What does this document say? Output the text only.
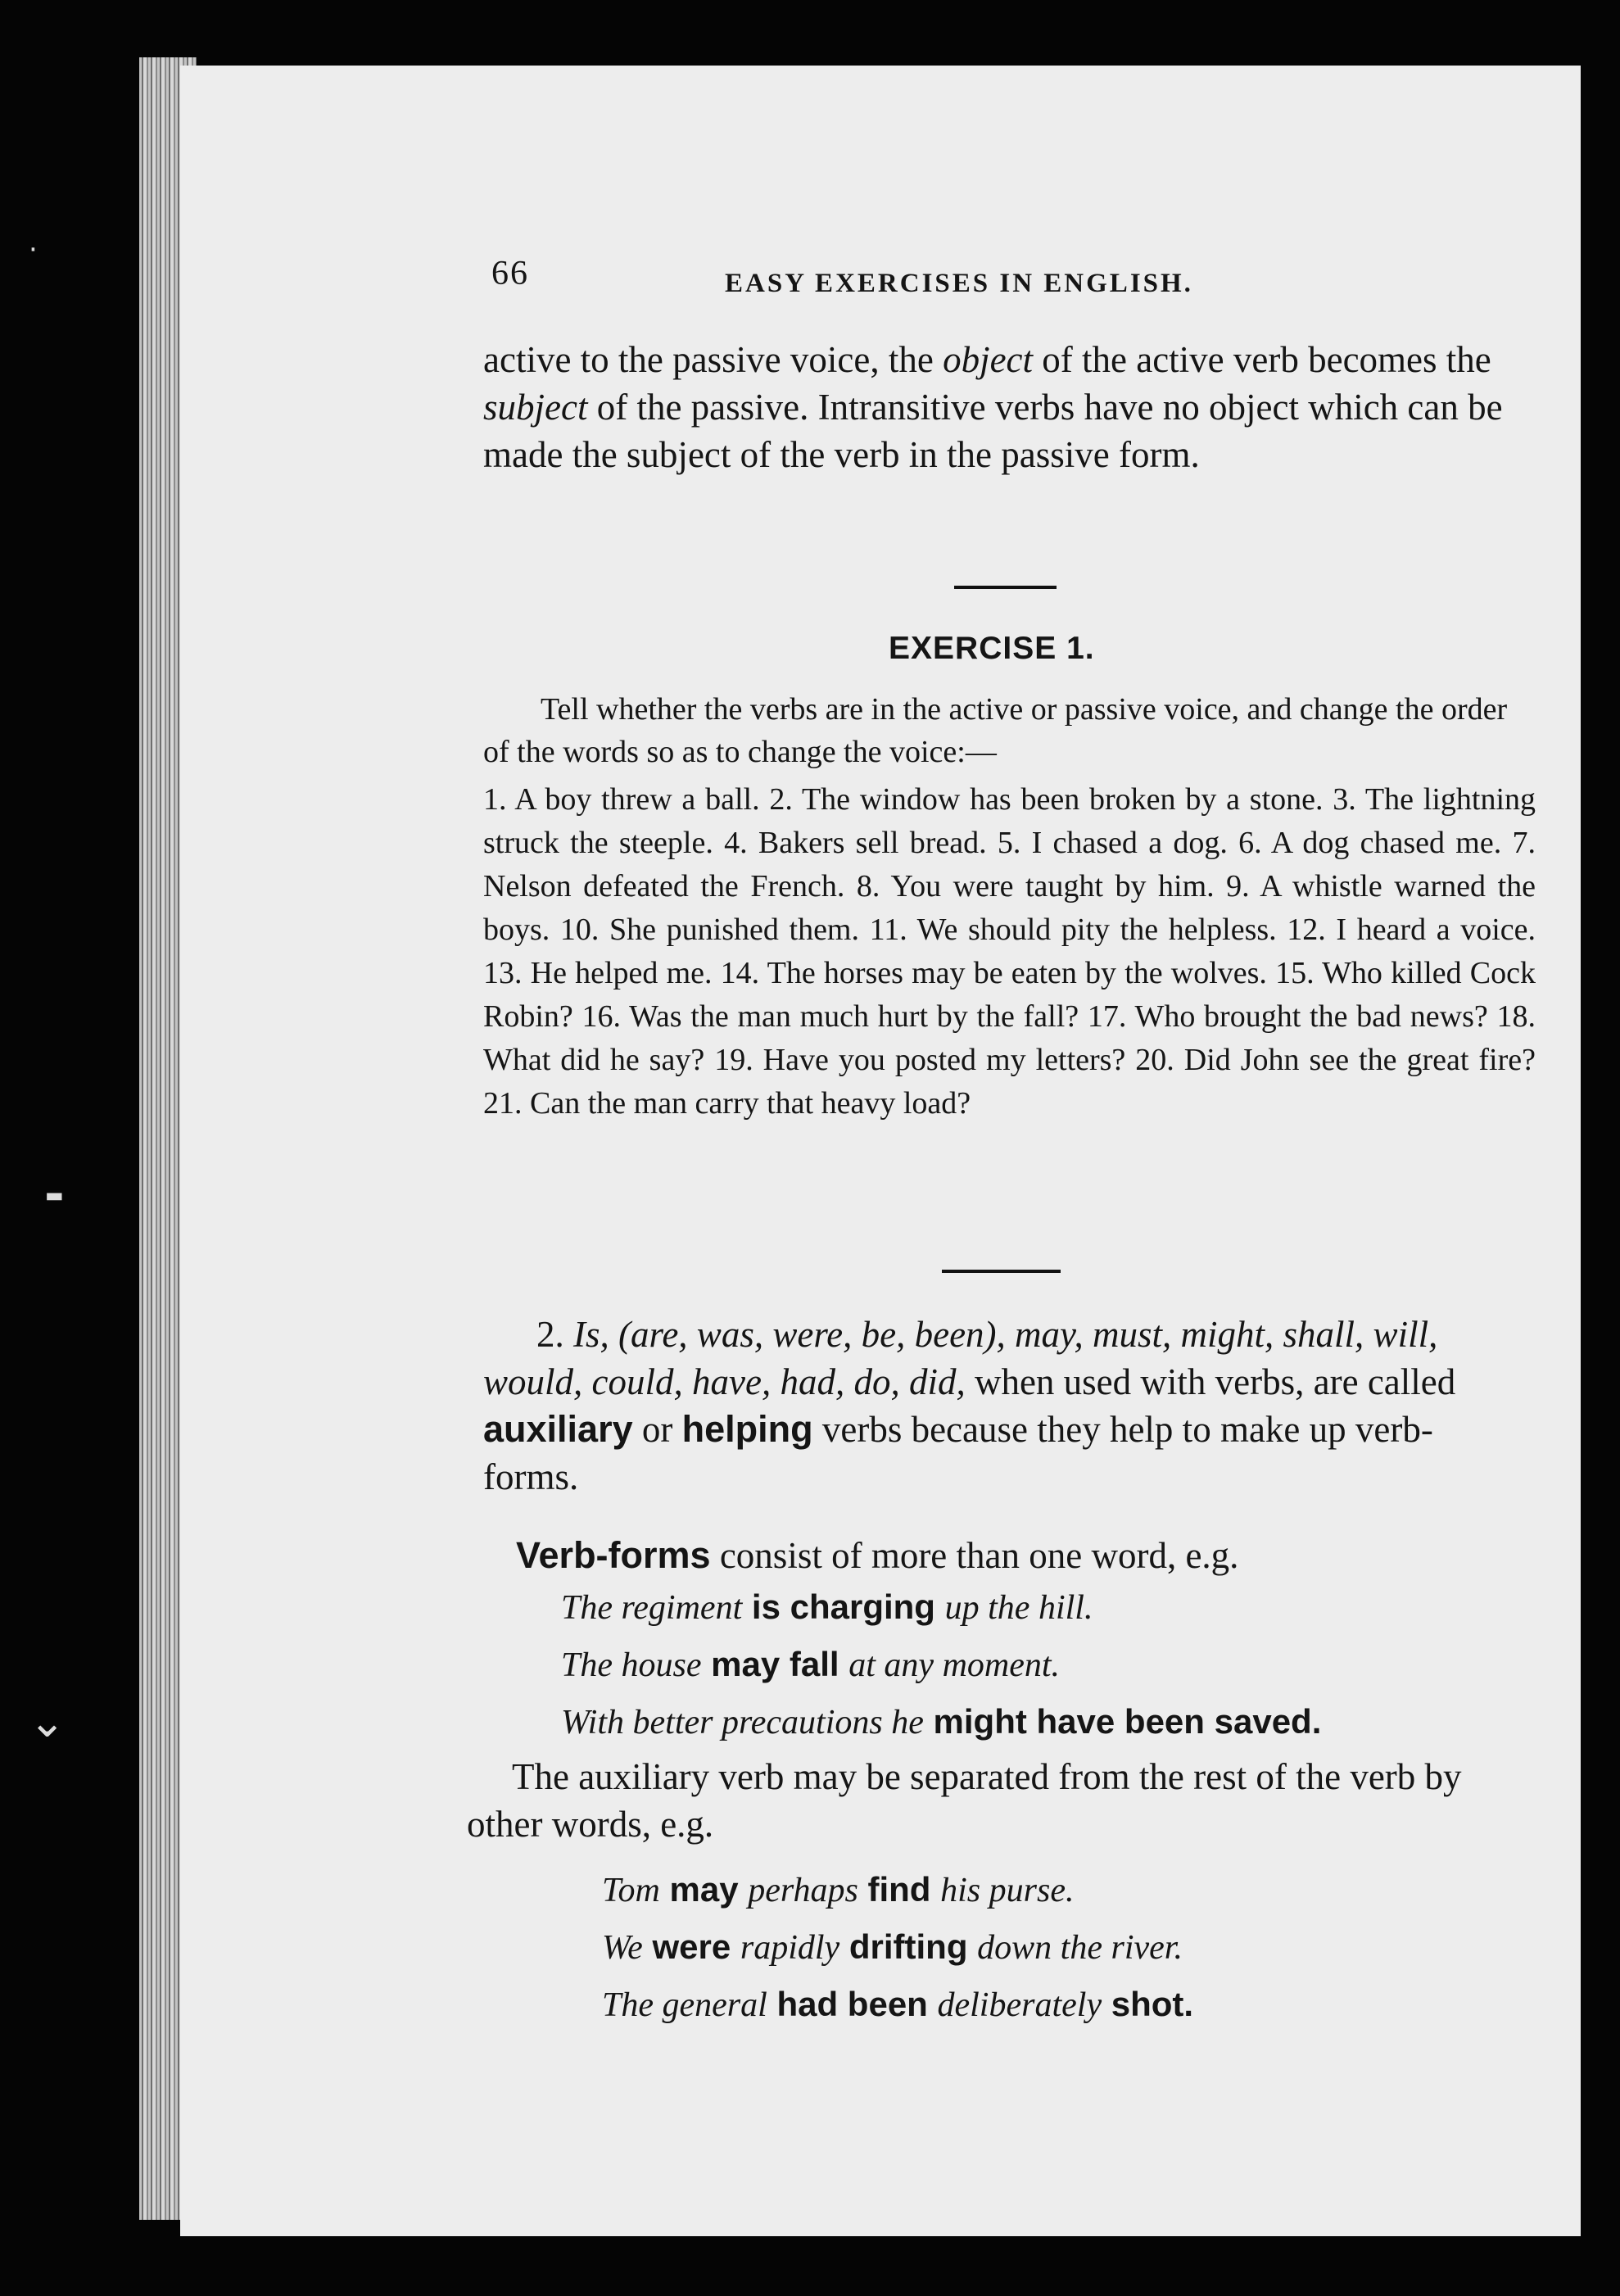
66	EASY EXERCISES IN ENGLISH.
active to the passive voice, the object of the active verb becomes the subject of the passive. Intransitive verbs have no object which can be made the subject of the verb in the passive form.
EXERCISE 1.
Tell whether the verbs are in the active or passive voice, and change the order of the words so as to change the voice:—
1. A boy threw a ball. 2. The window has been broken by a stone. 3. The lightning struck the steeple. 4. Bakers sell bread. 5. I chased a dog. 6. A dog chased me. 7. Nelson defeated the French. 8. You were taught by him. 9. A whistle warned the boys. 10. She punished them. 11. We should pity the helpless. 12. I heard a voice. 13. He helped me. 14. The horses may be eaten by the wolves. 15. Who killed Cock Robin? 16. Was the man much hurt by the fall? 17. Who brought the bad news? 18. What did he say? 19. Have you posted my letters? 20. Did John see the great fire? 21. Can the man carry that heavy load?
2. Is, (are, was, were, be, been), may, must, might, shall, will, would, could, have, had, do, did, when used with verbs, are called auxiliary or helping verbs because they help to make up verb-forms.
Verb-forms consist of more than one word, e.g.
The regiment is charging up the hill.
The house may fall at any moment.
With better precautions he might have been saved.
The auxiliary verb may be separated from the rest of the verb by other words, e.g.
Tom may perhaps find his purse.
We were rapidly drifting down the river.
The general had been deliberately shot.
·
⌄
▬
